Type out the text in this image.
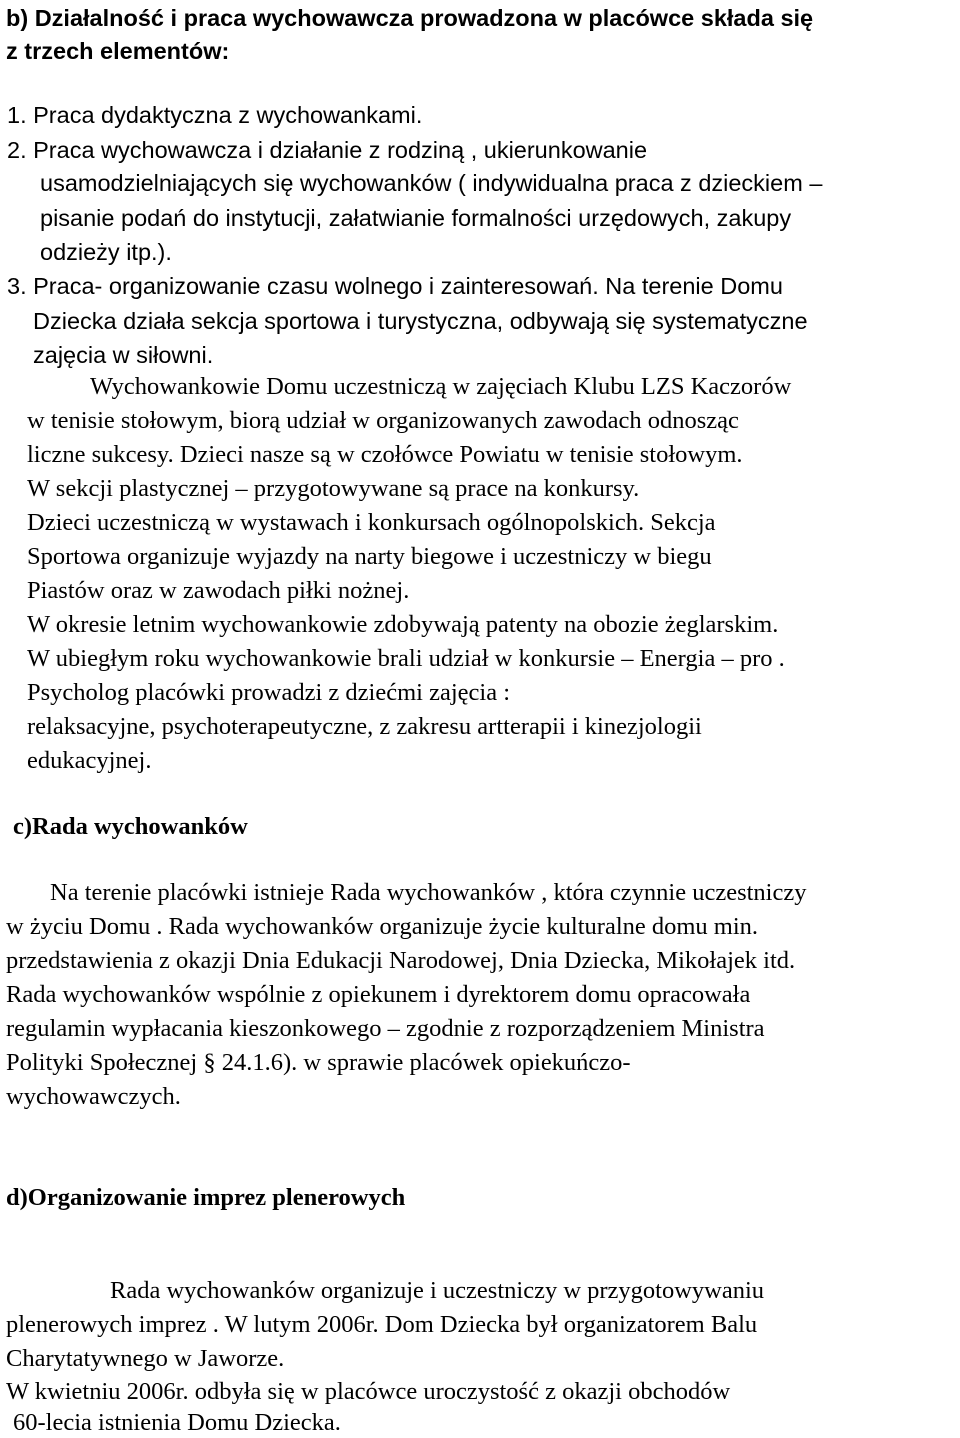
b) Działalność i praca wychowawcza prowadzona w placówce składa się
z trzech elementów:
1. Praca dydaktyczna z wychowankami.
2. Praca wychowawcza i działanie z rodziną , ukierunkowanie
usamodzielniających się wychowanków ( indywidualna praca z dzieckiem –
pisanie podań do instytucji, załatwianie formalności urzędowych, zakupy
odzieży itp.).
3. Praca- organizowanie czasu wolnego i zainteresowań. Na terenie Domu
Dziecka działa sekcja sportowa i turystyczna, odbywają się systematyczne
zajęcia w siłowni.
Wychowankowie Domu uczestniczą w zajęciach Klubu LZS Kaczorów
w tenisie stołowym, biorą udział w organizowanych zawodach odnosząc
liczne sukcesy. Dzieci nasze są w czołówce Powiatu w tenisie stołowym.
W sekcji plastycznej – przygotowywane są prace na konkursy.
Dzieci uczestniczą w wystawach i konkursach ogólnopolskich. Sekcja
Sportowa organizuje wyjazdy na narty biegowe i uczestniczy w biegu
Piastów oraz w zawodach piłki nożnej.
W okresie letnim wychowankowie zdobywają patenty na obozie żeglarskim.
W ubiegłym roku wychowankowie brali udział w konkursie – Energia – pro .
Psycholog placówki prowadzi z dziećmi zajęcia :
relaksacyjne, psychoterapeutyczne, z zakresu artterapii i kinezjologii
edukacyjnej.
c)Rada wychowanków
Na terenie placówki istnieje Rada wychowanków , która czynnie uczestniczy
w życiu Domu . Rada wychowanków organizuje życie kulturalne domu min.
przedstawienia z okazji Dnia Edukacji Narodowej, Dnia Dziecka, Mikołajek itd.
Rada wychowanków wspólnie z opiekunem i dyrektorem domu opracowała
regulamin wypłacania kieszonkowego – zgodnie z rozporządzeniem Ministra
Polityki Społecznej § 24.1.6). w sprawie placówek opiekuńczo-
wychowawczych.
d)Organizowanie imprez plenerowych
Rada wychowanków organizuje i uczestniczy w przygotowywaniu
plenerowych imprez . W lutym 2006r. Dom Dziecka był organizatorem Balu
Charytatywnego w Jaworze.
W kwietniu 2006r. odbyła się w placówce uroczystość z okazji obchodów
60-lecia istnienia Domu Dziecka.
